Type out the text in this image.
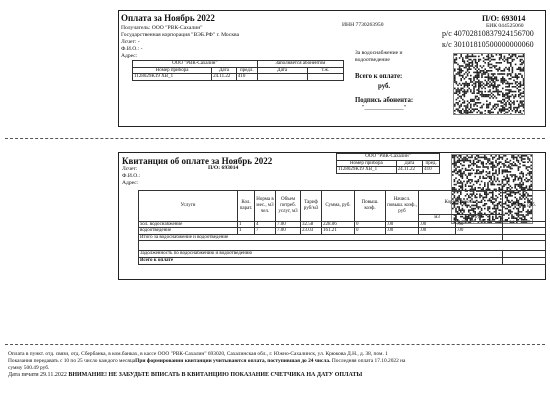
Оплата за Ноябрь 2022
Получатель: ООО "РВК-Сахалин"
Государственная корпорация "ВЭБ.РФ" г. Москва
Лсчет: -
Ф.И.О.: -
Адрес:
ИНН 7730263950
П/О: 693014
БИК 044525060
р/с 40702810837924156700
к/с 30101810500000000060
За водоснабжение и водоотведение
Всего к оплате:
руб.
Подпись абонента:
"_____________"
ООО "РВК-Сахалин"			Заполняется абонентом	
Номер прибора	Дата	предл.	Дата	т.ж.
1128029K19 ХВ_1	24.11.22	410		
Квитанция об оплате за Ноябрь 2022
Лсчет:	П/О: 693014
Ф.И.О.:
Адрес:
ООО "РВК-Сахалин"		
Номер прибора	Дата	пред.
1128029K19 ХВ_1	24.11.22	410
Услуги	Кол. парат.	Норма в мес., м3 чел.	Объем потреб. услуг, м3	Тариф руб/м3	Сумма, руб.	Повыш. коэф.	Начисл. повыш. коэф., руб	Корректировка		Итого, руб.
								м3	руб.	
хол. водоснабжение	1	4	7.00	32.58	228.06	0	.00	.00	.00	
водоотведение	1	7	7.00	23.03	161.21	0	.00	.00	.00	
Итого за водоснабжение и водоотведение										

Задолженность по водоснабжению и водоотведению										
Всего к оплате										
Оплата в пункт. отд. связи, отд. Сбербанка, в ком.банках, в кассе ООО "РВК-Сахалин" 693020, Сахалинская обл., г. Южно-Сахалинск, ул. Крюкова Д.Н., д. 38, пом. 1
Показания передавать с 10 по 25 число каждого месяцаПри формировании квитанции учитываются оплата, поступившая до 24 числа. Последняя оплата 17.10.2022 на
сумму 500.49 руб.
Дата печати 29.11.2022 ВНИМАНИЕ! НЕ ЗАБУДЬТЕ ВПИСАТЬ В КВИТАНЦИЮ ПОКАЗАНИЕ СЧЕТЧИКА НА ДАТУ ОПЛАТЫ
